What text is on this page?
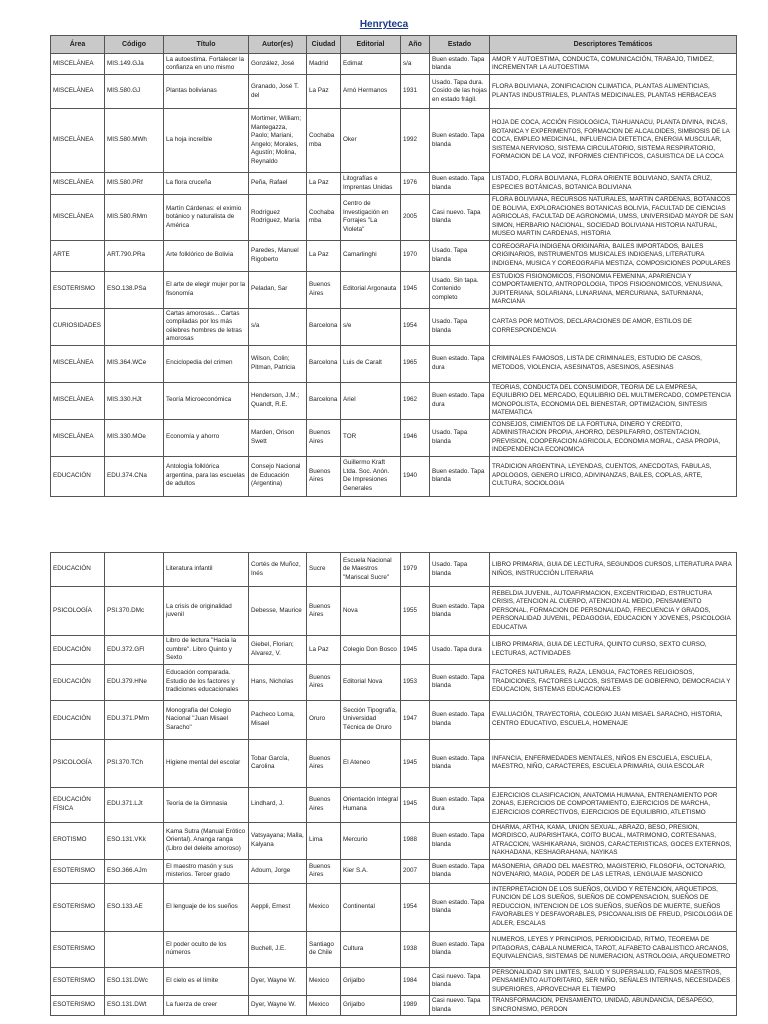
Henryteca
Área	Código	Título	Autor(es)	Ciudad	Editorial	Año	Estado	Descriptores Temáticos
MISCELÁNEA	MIS.149.GJa	La autoestima. Fortalecer la confianza en uno mismo	González, José	Madrid	Edimat	s/a	Buen estado. Tapa blanda	AMOR Y AUTOESTIMA, CONDUCTA, COMUNICACIÓN, TRABAJO, TIMIDEZ, INCREMENTAR LA AUTOESTIMA
MISCELÁNEA	MIS.580.GJ	Plantas bolivianas	Granado, José T. del	La Paz	Arnó Hermanos	1931	Usado. Tapa dura. Cosido de las hojas en estado frágil.	FLORA BOLIVIANA, ZONIFICACION CLIMATICA, PLANTAS ALIMENTICIAS, PLANTAS INDUSTRIALES, PLANTAS MEDICINALES, PLANTAS HERBACEAS
MISCELÁNEA	MIS.580.MWh	La hoja increíble	Mortimer, William; Mantegazza, Paolo; Mariani, Angelo; Morales, Agustín; Molina, Reynaldo	Cochabamba	Oker	1992	Buen estado. Tapa blanda	HOJA DE COCA, ACCIÓN FISIOLOGICA, TIAHUANACU, PLANTA DIVINA, INCAS, BOTANICA Y EXPERIMENTOS, FORMACION DE ALCALOIDES, SIMBIOSIS DE LA COCA, EMPLEO MEDICINAL, INFLUENCIA DIETETICA, ENERGIA MUSCULAR, SISTEMA NERVIOSO, SISTEMA CIRCULATORIO, SISTEMA RESPIRATORIO, FORMACION DE LA VOZ, INFORMES CIENTIFICOS, CASUISTICA DE LA COCA
MISCELÁNEA	MIS.580.PRf	La flora cruceña	Peña, Rafael	La Paz	Litografías e Imprentas Unidas	1976	Buen estado. Tapa blanda	LISTADO, FLORA BOLIVIANA, FLORA ORIENTE BOLIVIANO, SANTA CRUZ, ESPECIES BOTÁNICAS, BOTANICA BOLIVIANA
MISCELÁNEA	MIS.580.RMm	Martín Cárdenas: el eximio botánico y naturalista de América	Rodríguez Rodríguez, María	Cochabamba	Centro de Investigación en Forrajes "La Violeta"	2005	Casi nuevo. Tapa blanda	FLORA BOLIVIANA, RECURSOS NATURALES, MARTIN CARDENAS, BOTANICOS DE BOLIVIA, EXPLORACIONES BOTANICAS BOLIVIA, FACULTAD DE CIENCIAS AGRICOLAS, FACULTAD DE AGRONOMIA, UMSS, UNIVERSIDAD MAYOR DE SAN SIMON, HERBARIO NACIONAL, SOCIEDAD BOLIVIANA HISTORIA NATURAL, MUSEO MARTIN CARDENAS, HISTORIA
ARTE	ART.790.PRa	Arte folklórico de Bolivia	Paredes, Manuel Rigoberto	La Paz	Camarlinghi	1970	Usado. Tapa blanda	COREOGRAFIA INDIGENA ORIGINARIA, BAILES IMPORTADOS, BAILES ORIGINARIOS, INSTRUMENTOS MUSICALES INDIGENAS, LITERATURA INDIGENA, MUSICA Y COREOGRAFIA MESTIZA, COMPOSICIONES POPULARES
ESOTERISMO	ESO.138.PSa	El arte de elegir mujer por la fisonomía	Peladan, Sar	Buenos Aires	Editorial Argonauta	1945	Usado. Sin tapa. Contenido completo	ESTUDIOS FISIONOMICOS, FISONOMIA FEMENINA, APARIENCIA Y COMPORTAMIENTO, ANTROPOLOGIA, TIPOS FISIOGNOMICOS, VENUSIANA, JUPITERIANA, SOLARIANA, LUNARIANA, MERCURIANA, SATURNIANA, MARCIANA
CURIOSIDADES		Cartas amorosas... Cartas compiladas por los más célebres hombres de letras amorosas	s/a	Barcelona	s/e	1954	Usado. Tapa blanda	CARTAS POR MOTIVOS, DECLARACIONES DE AMOR, ESTILOS DE CORRESPONDENCIA
MISCELÁNEA	MIS.364.WCe	Enciclopedia del crimen	Wilson, Colin; Pitman, Patricia	Barcelona	Luis de Caralt	1965	Buen estado. Tapa dura	CRIMINALES FAMOSOS, LISTA DE CRIMINALES, ESTUDIO DE CASOS, METODOS, VIOLENCIA, ASESINATOS, ASESINOS, ASESINAS
MISCELÁNEA	MIS.330.HJt	Teoría Microeconómica	Henderson, J.M.; Quandt, R.E.	Barcelona	Ariel	1962	Buen estado. Tapa dura	TEORIAS, CONDUCTA DEL CONSUMIDOR, TEORIA DE LA EMPRESA, EQUILIBRIO DEL MERCADO, EQUILIBRIO DEL MULTIMERCADO, COMPETENCIA MONOPOLISTA, ECONOMIA DEL BIENESTAR, OPTIMIZACION, SINTESIS MATEMATICA
MISCELÁNEA	MIS.330.MOe	Economía y ahorro	Marden, Orison Swett	Buenos Aires	TOR	1946	Usado. Tapa blanda	CONSEJOS, CIMIENTOS DE LA FORTUNA, DINERO Y CREDITO, ADMINISTRACION PROPIA, AHORRO, DESPILFARRO, OSTENTACION, PREVISION, COOPERACION AGRICOLA, ECONOMIA MORAL, CASA PROPIA, INDEPENDENCIA ECONOMICA
EDUCACIÓN	EDU.374.CNa	Antología folklórica argentina, para las escuelas de adultos	Consejo Nacional de Educación (Argentina)	Buenos Aires	Guillermo Kraft Ltda. Soc. Anón. De Impresiones Generales	1940	Buen estado. Tapa blanda	TRADICION ARGENTINA, LEYENDAS, CUENTOS, ANECDOTAS, FABULAS, APOLOGOS, GENERO LIRICO, ADIVINANZAS, BAILES, COPLAS, ARTE, CULTURA, SOCIOLOGIA
EDUCACIÓN		Literatura infantil	Cortés de Muñoz, Inés	Sucre	Escuela Nacional de Maestros "Mariscal Sucre"	1979	Usado. Tapa blanda	LIBRO PRIMARIA, GUIA DE LECTURA, SEGUNDOS CURSOS, LITERATURA PARA NIÑOS, INSTRUCCIÓN LITERARIA
PSICOLOGÍA	PSI.370.DMc	La crisis de originalidad juvenil	Debesse, Maurice	Buenos Aires	Nova	1955	Buen estado. Tapa blanda	REBELDIA JUVENIL, AUTOAFIRMACION, EXCENTRICIDAD, ESTRUCTURA CRISIS, ATENCION AL CUERPO, ATENCION AL MEDIO, PENSAMIENTO PERSONAL, FORMACION DE PERSONALIDAD, FRECUENCIA Y GRADOS, PERSONALIDAD JUVENIL, PEDAGOGIA, EDUCACION Y JOVENES, PSICOLOGIA EDUCATIVA
EDUCACIÓN	EDU.372.GFl	Libro de lectura "Hacia la cumbre". Libro Quinto y Sexto	Giebel, Florian; Alvarez, V.	La Paz	Colegio Don Bosco	1945	Usado. Tapa dura	LIBRO PRIMARIA, GUIA DE LECTURA, QUINTO CURSO, SEXTO CURSO, LECTURAS, ACTIVIDADES
EDUCACIÓN	EDU.379.HNe	Educación comparada. Estudio de los factores y tradiciones educacionales	Hans, Nicholas	Buenos Aires	Editorial Nova	1953	Buen estado. Tapa blanda	FACTORES NATURALES, RAZA, LENGUA, FACTORES RELIGIOSOS, TRADICIONES, FACTORES LAICOS, SISTEMAS DE GOBIERNO, DEMOCRACIA Y EDUCACION, SISTEMAS EDUCACIONALES
EDUCACIÓN	EDU.371.PMm	Monografía del Colegio Nacional "Juan Misael Saracho"	Pacheco Loma, Misael	Oruro	Sección Tipografía, Universidad Técnica de Oruro	1947	Buen estado. Tapa blanda	EVALUACIÓN, TRAYECTORIA, COLEGIO JUAN MISAEL SARACHO, HISTORIA, CENTRO EDUCATIVO, ESCUELA, HOMENAJE
PSICOLOGÍA	PSI.370.TCh	Higiene mental del escolar	Tobar García, Carolina	Buenos Aires	El Ateneo	1945	Buen estado. Tapa blanda	INFANCIA, ENFERMEDADES MENTALES, NIÑOS EN ESCUELA, ESCUELA, MAESTRO, NIÑO, CARACTERES, ESCUELA PRIMARIA, GUIA ESCOLAR
EDUCACIÓN FÍSICA	EDU.371.LJt	Teoría de la Gimnasia	Lindhard, J.	Buenos Aires	Orientación Integral Humana	1945	Buen estado. Tapa dura	EJERCICIOS CLASIFICACION, ANATOMIA HUMANA, ENTRENAMIENTO POR ZONAS, EJERCICIOS DE COMPORTAMIENTO, EJERCICIOS DE MARCHA, EJERCICIOS CORRECTIVOS, EJERCICIOS DE EQUILIBRIO, ATLETISMO
EROTISMO	ESO.131.VKk	Kama Sutra (Manual Erótico Oriental). Ananga ranga (Libro del deleite amoroso)	Vatsyayana; Malla, Kalyana	Lima	Mercurio	1988	Buen estado. Tapa blanda	DHARMA, ARTHA, KAMA, UNION SEXUAL, ABRAZO, BESO, PRESION, MORDISCO, AUPARISHTAKA, COITO BUCAL, MATRIMONIO, CORTESANAS, ATRACCION, VASHIKARANA, SIGNOS, CARACTERISTICAS, GOCES EXTERNOS, NAKHADANA, KESHAGRAHANA, NAYIKAS
ESOTERISMO	ESO.366.AJm	El maestro masón y sus misterios. Tercer grado	Adoum, Jorge	Buenos Aires	Kier S.A.	2007	Buen estado. Tapa blanda	MASONERIA, GRADO DEL MAESTRO, MAGISTERIO, FILOSOFIA, OCTONARIO, NOVENARIO, MAGIA, PODER DE LAS LETRAS, LENGUAJE MASONICO
ESOTERISMO	ESO.133.AE	El lenguaje de los sueños	Aeppli, Ernest	Mexico	Continental	1954	Buen estado. Tapa blanda	INTERPRETACION DE LOS SUEÑOS, OLVIDO Y RETENCION, ARQUETIPOS, FUNCION DE LOS SUEÑOS, SUEÑOS DE COMPENSACION, SUEÑOS DE REDUCCION, INTENCION DE LOS SUEÑOS, SUEÑOS DE MUERTE, SUEÑOS FAVORABLES Y DESFAVORABLES, PSICOANALISIS DE FREUD, PSICOLOGIA DE ADLER, ESCALAS
ESOTERISMO		El poder oculto de los números	Buchell, J.E.	Santiago de Chile	Cultura	1938	Buen estado. Tapa blanda	NUMEROS, LEYES Y PRINCIPIOS, PERIODICIDAD, RITMO, TEOREMA DE PITAGORAS, CABALA NUMERICA, TAROT, ALFABETO CABALISTICO ARCANOS, EQUIVALENCIAS, SISTEMAS DE NUMERACION, ASTROLOGIA, ARQUEOMETRO
ESOTERISMO	ESO.131.DWc	El cielo es el límite	Dyer, Wayne W.	Mexico	Grijalbo	1984	Casi nuevo. Tapa blanda	PERSONALIDAD SIN LIMITES, SALUD Y SUPERSALUD, FALSOS MAESTROS, PENSAMIENTO AUTORITARIO, SER NIÑO, SEÑALES INTERNAS, NECESIDADES SUPERIORES, APROVECHAR EL TIEMPO
ESOTERISMO	ESO.131.DWt	La fuerza de creer	Dyer, Wayne W.	Mexico	Grijalbo	1989	Casi nuevo. Tapa blanda	TRANSFORMACION, PENSAMIENTO, UNIDAD, ABUNDANCIA, DESAPEGO, SINCRONISMO, PERDON
